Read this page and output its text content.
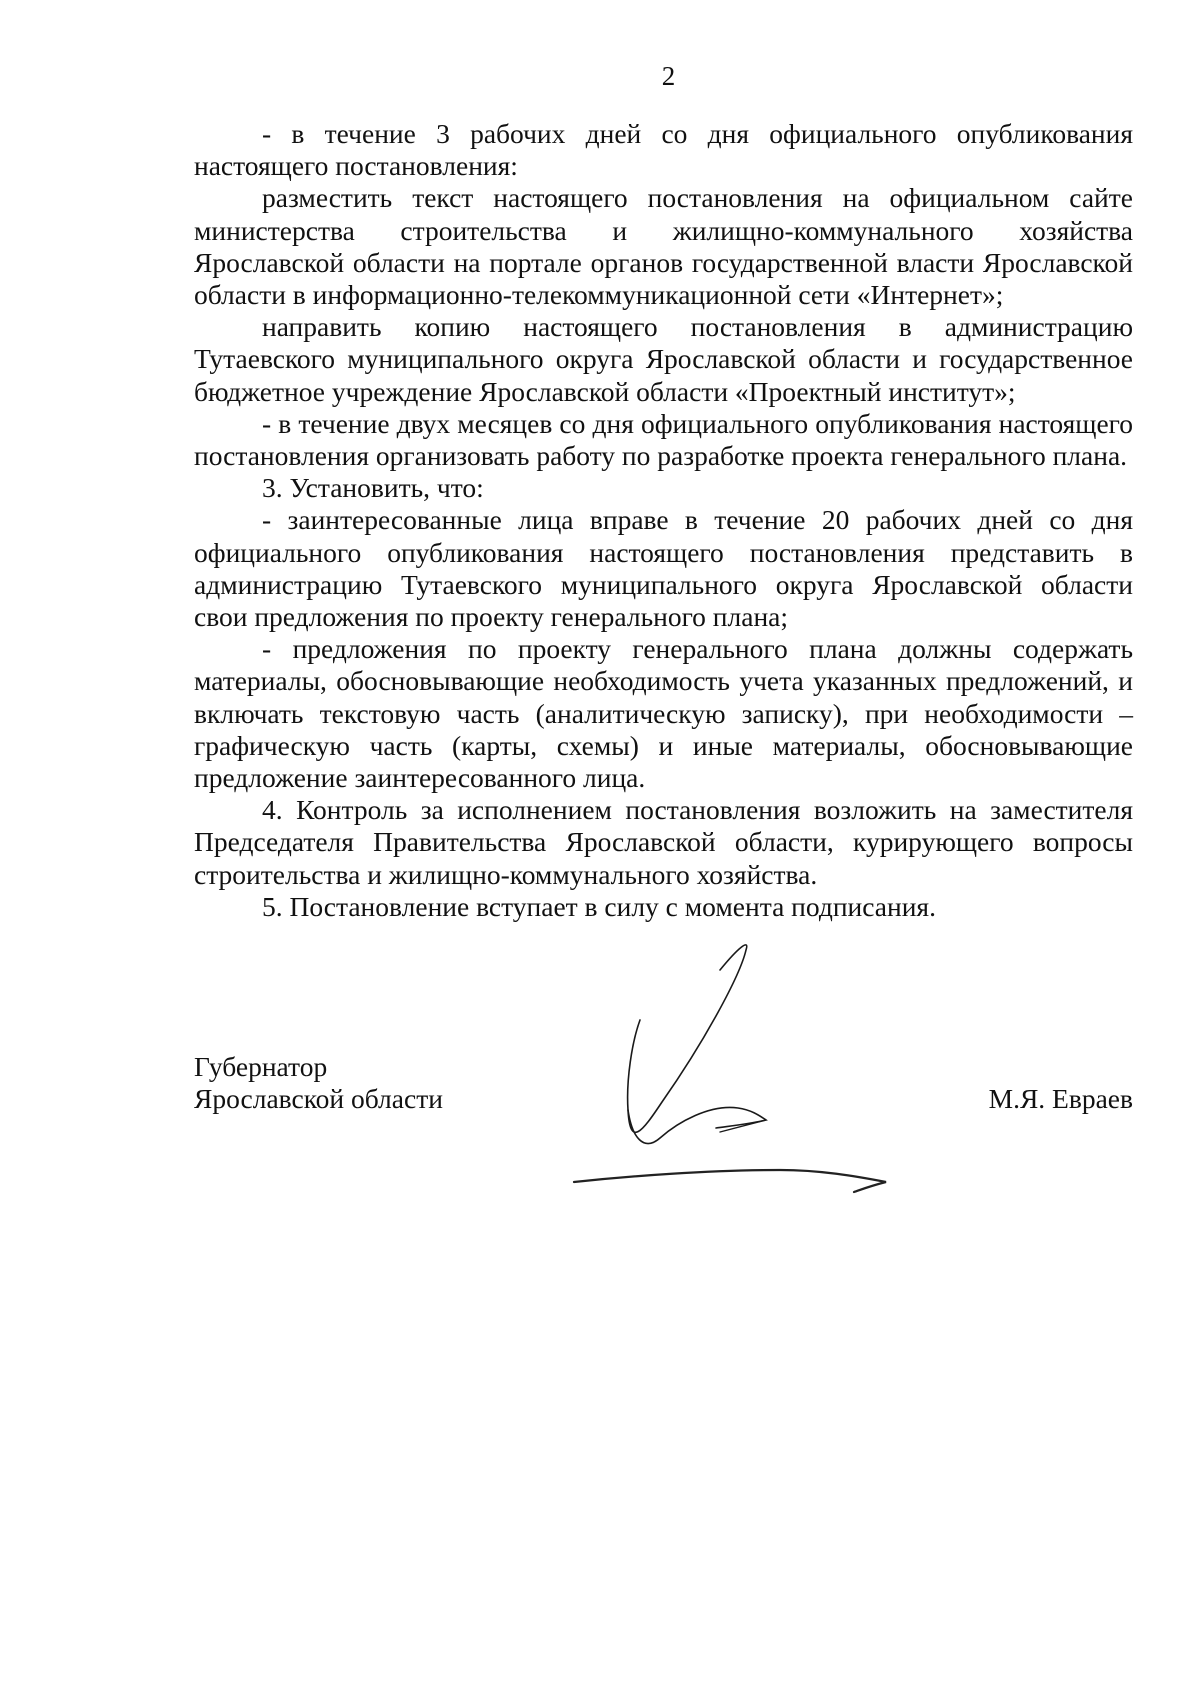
2

- в течение 3 рабочих дней со дня официального опубликования настоящего постановления:

разместить текст настоящего постановления на официальном сайте министерства строительства и жилищно-коммунального хозяйства Ярославской области на портале органов государственной власти Ярославской области в информационно-телекоммуникационной сети «Интернет»;

направить копию настоящего постановления в администрацию Тутаевского муниципального округа Ярославской области и государственное бюджетное учреждение Ярославской области «Проектный институт»;

- в течение двух месяцев со дня официального опубликования настоящего постановления организовать работу по разработке проекта генерального плана.

3. Установить, что:

- заинтересованные лица вправе в течение 20 рабочих дней со дня официального опубликования настоящего постановления представить в администрацию Тутаевского муниципального округа Ярославской области свои предложения по проекту генерального плана;

- предложения по проекту генерального плана должны содержать материалы, обосновывающие необходимость учета указанных предложений, и включать текстовую часть (аналитическую записку), при необходимости – графическую часть (карты, схемы) и иные материалы, обосновывающие предложение заинтересованного лица.

4. Контроль за исполнением постановления возложить на заместителя Председателя Правительства Ярославской области, курирующего вопросы строительства и жилищно-коммунального хозяйства.

5. Постановление вступает в силу с момента подписания.

Губернатор
Ярославской области	М.Я. Евраев
